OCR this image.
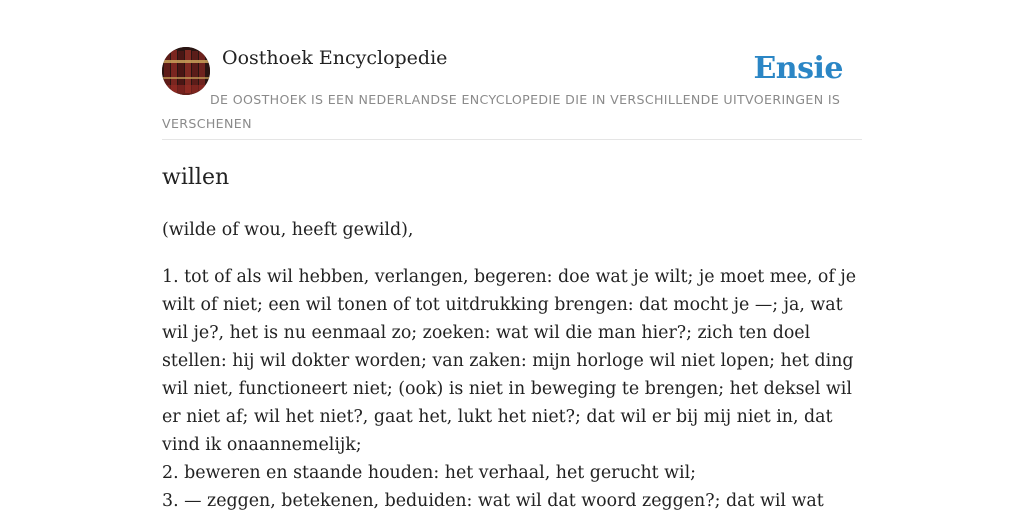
Oosthoek Encyclopedie	Ensie
DE OOSTHOEK IS EEN NEDERLANDSE ENCYCLOPEDIE DIE IN VERSCHILLENDE UITVOERINGEN IS VERSCHENEN
willen

(wilde of wou, heeft gewild),

1. tot of als wil hebben, verlangen, begeren: doe wat je wilt; je moet mee, of je wilt of niet; een wil tonen of tot uitdrukking brengen: dat mocht je —; ja, wat wil je?, het is nu eenmaal zo; zoeken: wat wil die man hier?; zich ten doel stellen: hij wil dokter worden; van zaken: mijn horloge wil niet lopen; het ding wil niet, functioneert niet; (ook) is niet in beweging te brengen; het deksel wil er niet af; wil het niet?, gaat het, lukt het niet?; dat wil er bij mij niet in, dat vind ik onaannemelijk;
2. beweren en staande houden: het verhaal, het gerucht wil;
3. — zeggen, betekenen, beduiden: wat wil dat woord zeggen?; dat wil wat
